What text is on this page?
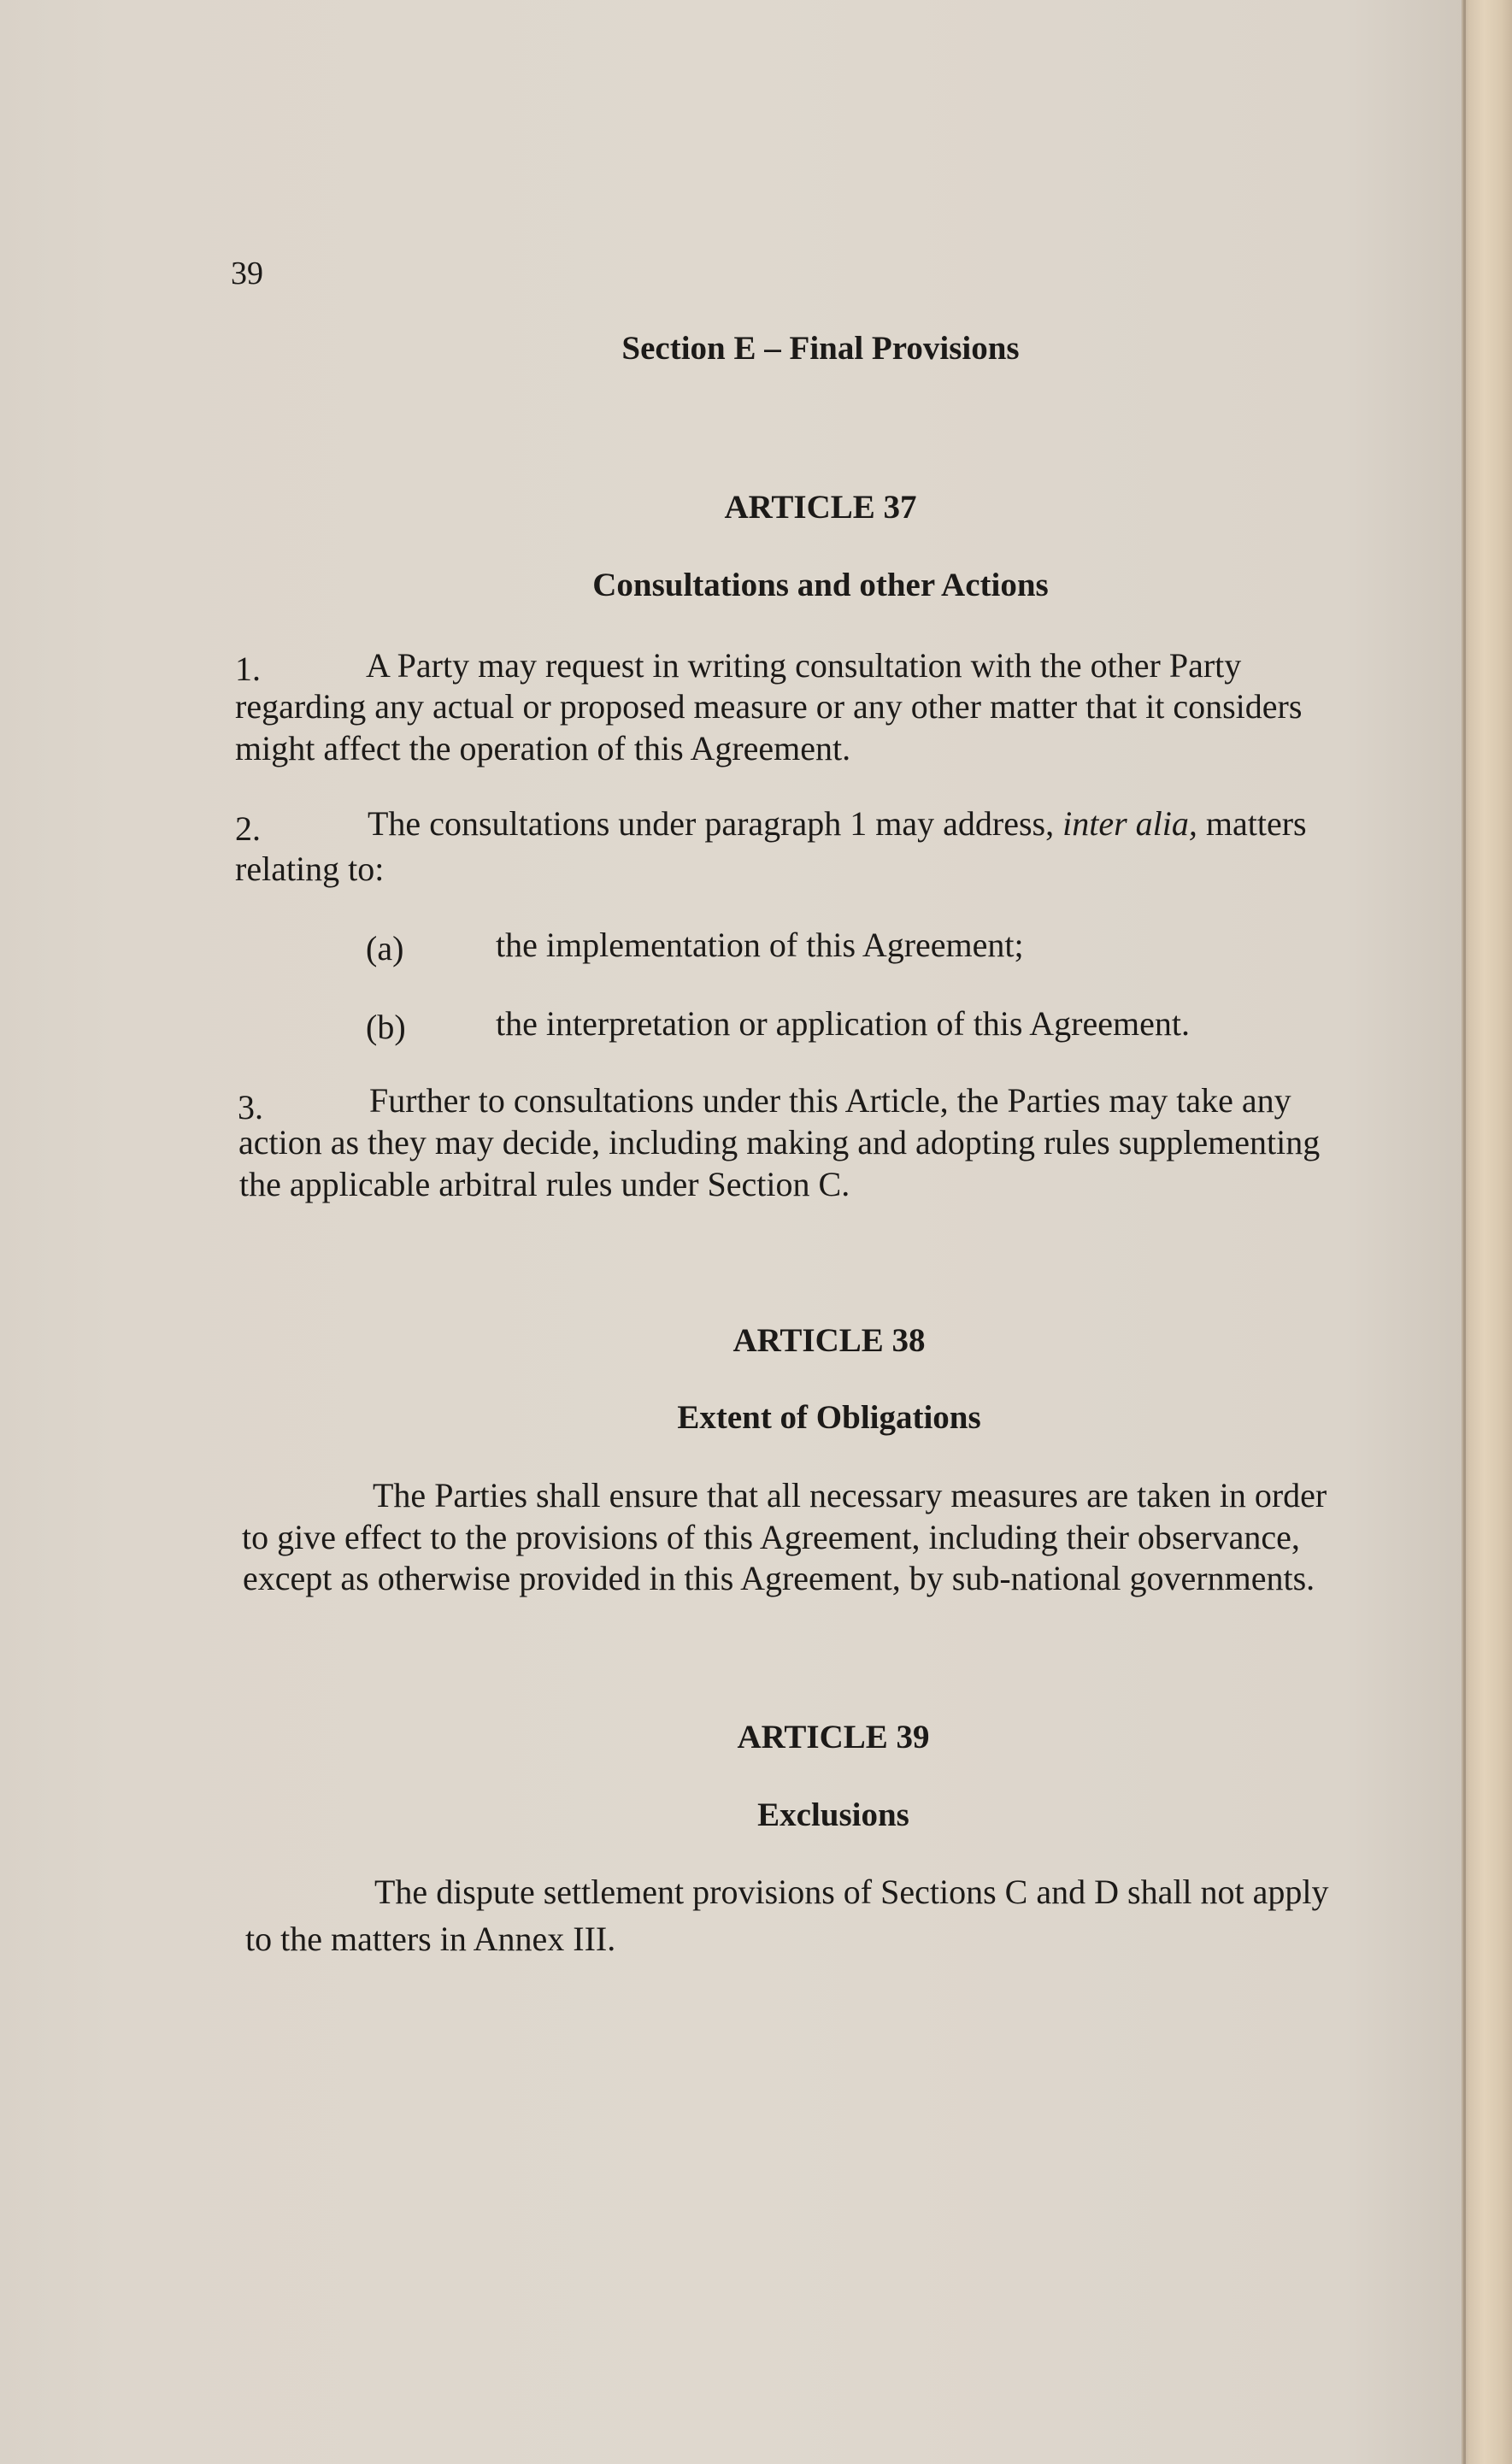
39
Section E – Final Provisions
ARTICLE 37
Consultations and other Actions
1.	A Party may request in writing consultation with the other Party
regarding any actual or proposed measure or any other matter that it considers
might affect the operation of this Agreement.
2.	The consultations under paragraph 1 may address, inter alia, matters
relating to:
(a)	the implementation of this Agreement;
(b)	the interpretation or application of this Agreement.
3.	Further to consultations under this Article, the Parties may take any
action as they may decide, including making and adopting rules supplementing
the applicable arbitral rules under Section C.
ARTICLE 38
Extent of Obligations
The Parties shall ensure that all necessary measures are taken in order
to give effect to the provisions of this Agreement, including their observance,
except as otherwise provided in this Agreement, by sub-national governments.
ARTICLE 39
Exclusions
The dispute settlement provisions of Sections C and D shall not apply
to the matters in Annex III.
